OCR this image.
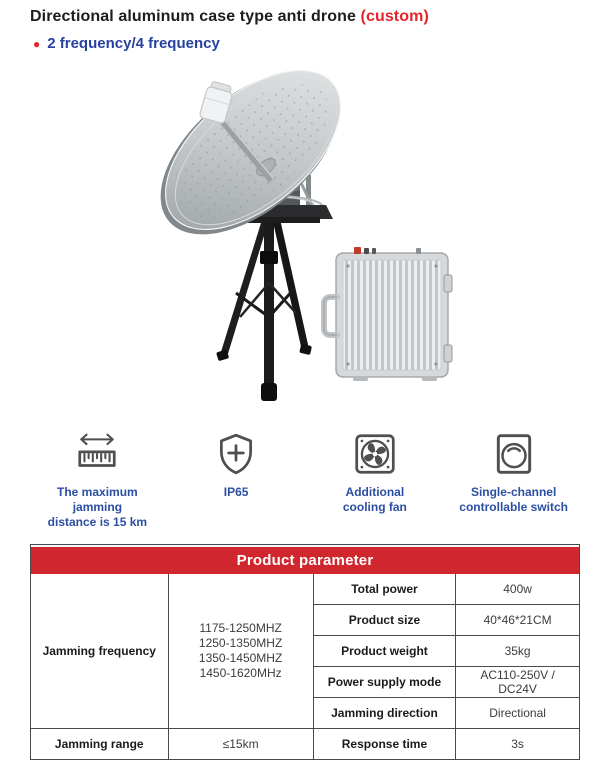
Directional aluminum case type anti drone (custom)
● 2 frequency/4 frequency
The maximum
jamming
distance is 15 km
IP65	Additional
cooling fan
Single-channel
controllable switch
Product parameter
Jamming frequency	1175-1250MHZ
1250-1350MHZ
1350-1450MHZ
1450-1620MHz	Total power	400w
		Product size	40*46*21CM
		Product weight	35kg
		Power supply mode	AC110-250V / DC24V
		Jamming direction	Directional
Jamming range	≤15km	Response time	3s
